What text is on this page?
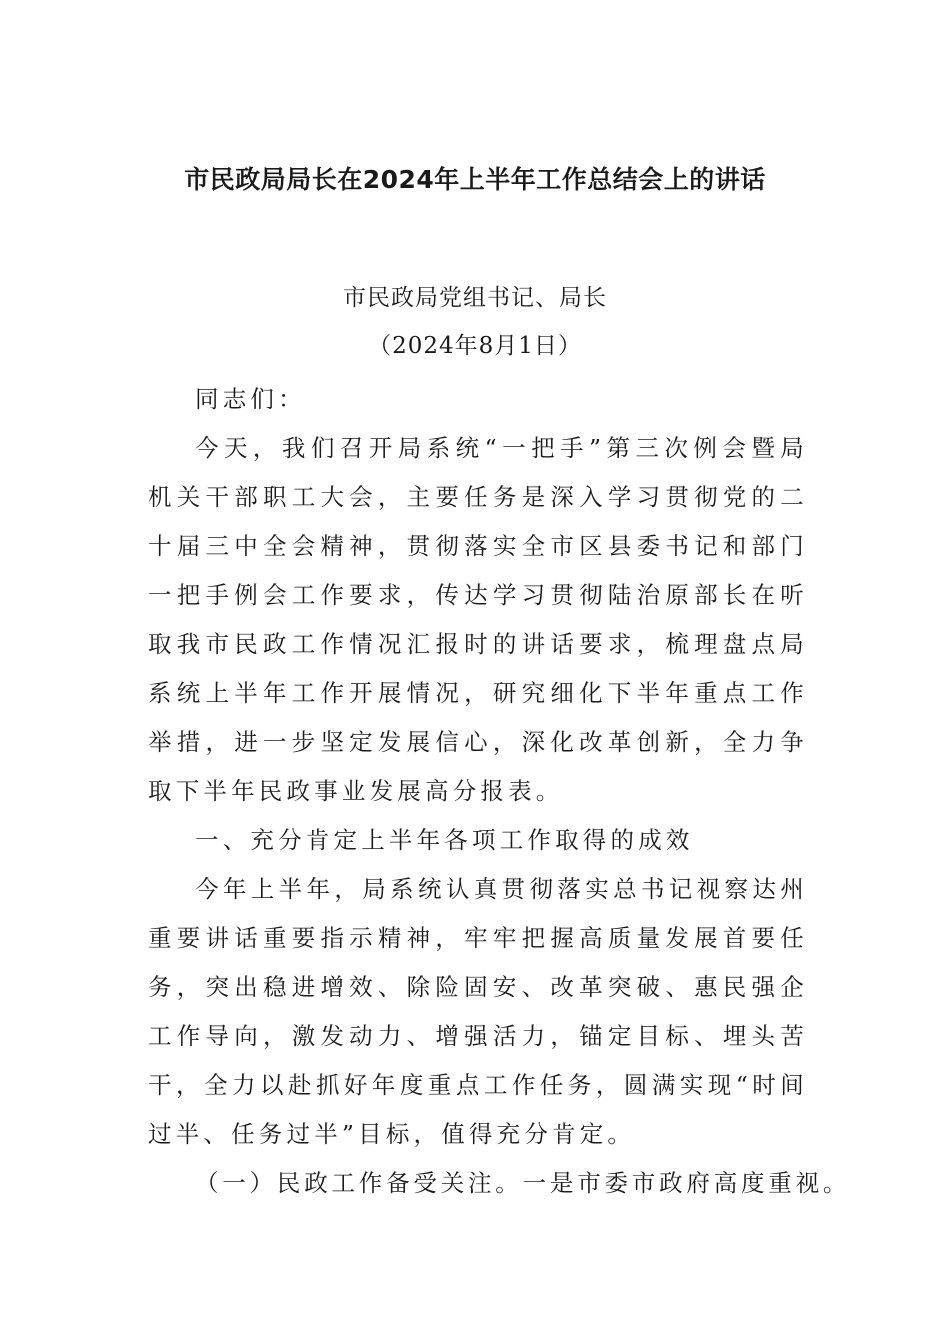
市民政局局长在2024年上半年工作总结会上的讲话
市民政局党组书记、局长
（2024年8月1日）

同志们：

今天，我们召开局系统“一把手”第三次例会暨局机关干部职工大会，主要任务是深入学习贯彻党的二十届三中全会精神，贯彻落实全市区县委书记和部门一把手例会工作要求，传达学习贯彻陆治原部长在听取我市民政工作情况汇报时的讲话要求，梳理盘点局系统上半年工作开展情况，研究细化下半年重点工作举措，进一步坚定发展信心，深化改革创新，全力争取下半年民政事业发展高分报表。

一、充分肯定上半年各项工作取得的成效

今年上半年，局系统认真贯彻落实总书记视察达州重要讲话重要指示精神，牢牢把握高质量发展首要任务，突出稳进增效、除险固安、改革突破、惠民强企工作导向，激发动力、增强活力，锚定目标、埋头苦干，全力以赴抓好年度重点工作任务，圆满实现“时间过半、任务过半”目标，值得充分肯定。

（一）民政工作备受关注。一是市委市政府高度重视。
